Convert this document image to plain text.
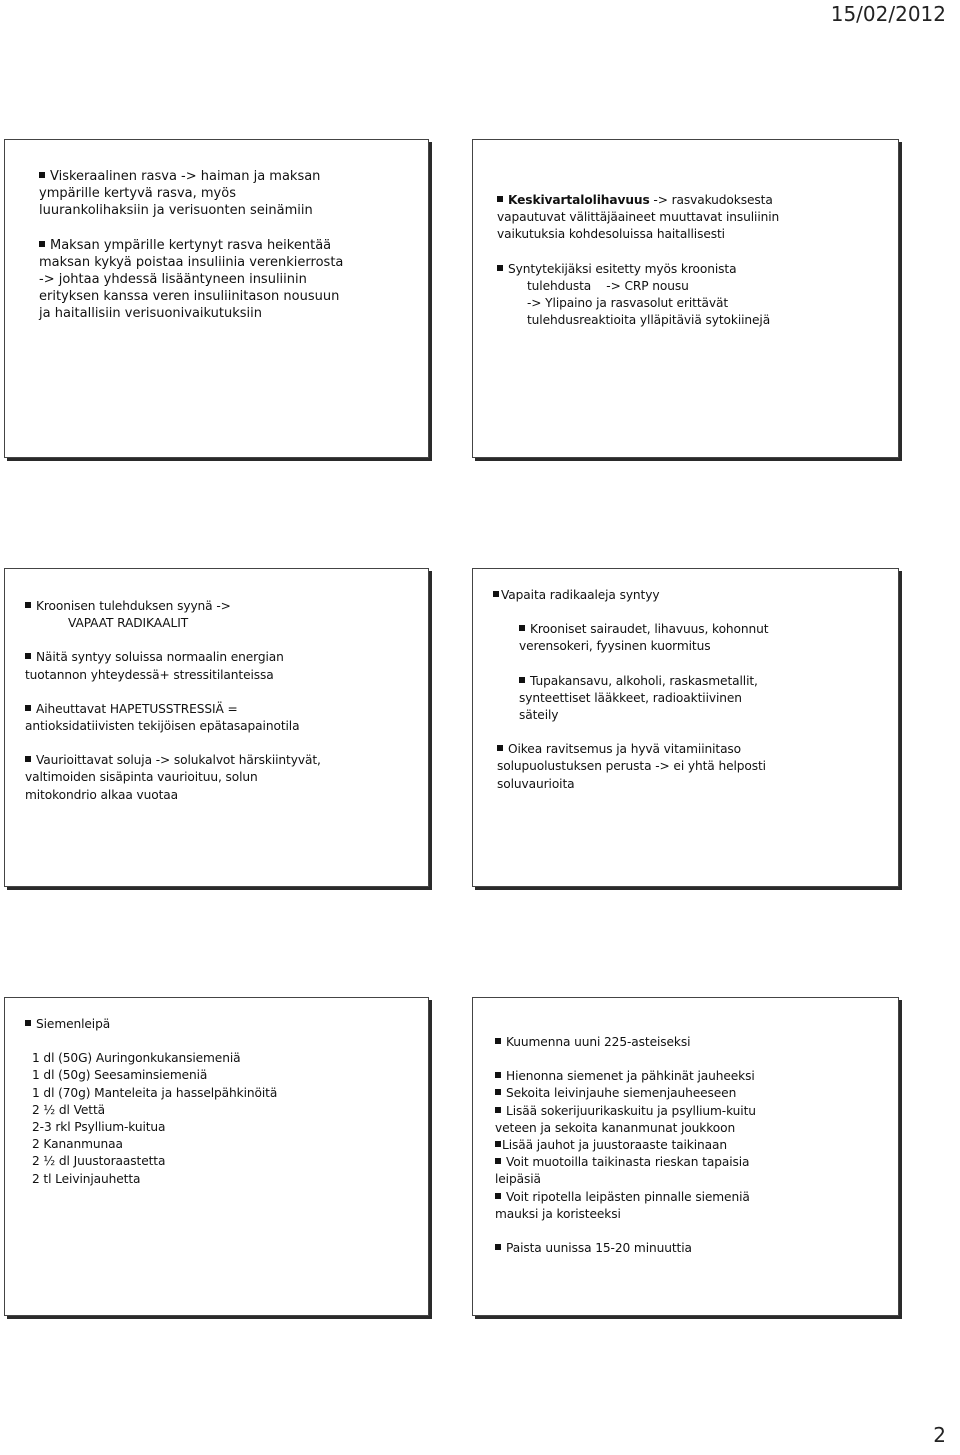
15/02/2012
Viskeraalinen rasva -> haiman ja maksan
ympärille kertyvä rasva, myös
luurankolihaksiin ja verisuonten seinämiin
Maksan ympärille kertynyt rasva heikentää
maksan kykyä poistaa insuliinia verenkierrosta
-> johtaa yhdessä lisääntyneen insuliinin
erityksen kanssa veren insuliinitason nousuun
ja haitallisiin verisuonivaikutuksiin
Keskivartalolihavuus -> rasvakudoksesta
vapautuvat välittäjäaineet muuttavat insuliinin
vaikutuksia kohdesoluissa haitallisesti
Syntytekijäksi esitetty myös kroonista
tulehdusta    -> CRP nousu
-> Ylipaino ja rasvasolut erittävät
tulehdusreaktioita ylläpitäviä sytokiinejä
Kroonisen tulehduksen syynä ->
VAPAAT RADIKAALIT
Näitä syntyy soluissa normaalin energian
tuotannon yhteydessä+ stressitilanteissa
Aiheuttavat HAPETUSSTRESSIÄ =
antioksidatiivisten tekijöisen epätasapainotila
Vaurioittavat soluja -> solukalvot härskiintyvät,
valtimoiden sisäpinta vaurioituu, solun
mitokondrio alkaa vuotaa
Vapaita radikaaleja syntyy
Krooniset sairaudet, lihavuus, kohonnut
verensokeri, fyysinen kuormitus
Tupakansavu, alkoholi, raskasmetallit,
synteettiset lääkkeet, radioaktiivinen
säteily
Oikea ravitsemus ja hyvä vitamiinitaso
solupuolustuksen perusta -> ei yhtä helposti
soluvaurioita
Siemenleipä
1 dl (50G) Auringonkukansiemeniä
1 dl (50g) Seesaminsiemeniä
1 dl (70g) Manteleita ja hasselpähkinöitä
2 ½ dl Vettä
2-3 rkl Psyllium-kuitua
2 Kananmunaa
2 ½ dl Juustoraastetta
2 tl Leivinjauhetta
Kuumenna uuni 225-asteiseksi
Hienonna siemenet ja pähkinät jauheeksi
Sekoita leivinjauhe siemenjauheeseen
Lisää sokerijuurikaskuitu ja psyllium-kuitu
veteen ja sekoita kananmunat joukkoon
Lisää jauhot ja juustoraaste taikinaan
Voit muotoilla taikinasta rieskan tapaisia
leipäsiä
Voit ripotella leipästen pinnalle siemeniä
mauksi ja koristeeksi
Paista uunissa 15-20 minuuttia
2
